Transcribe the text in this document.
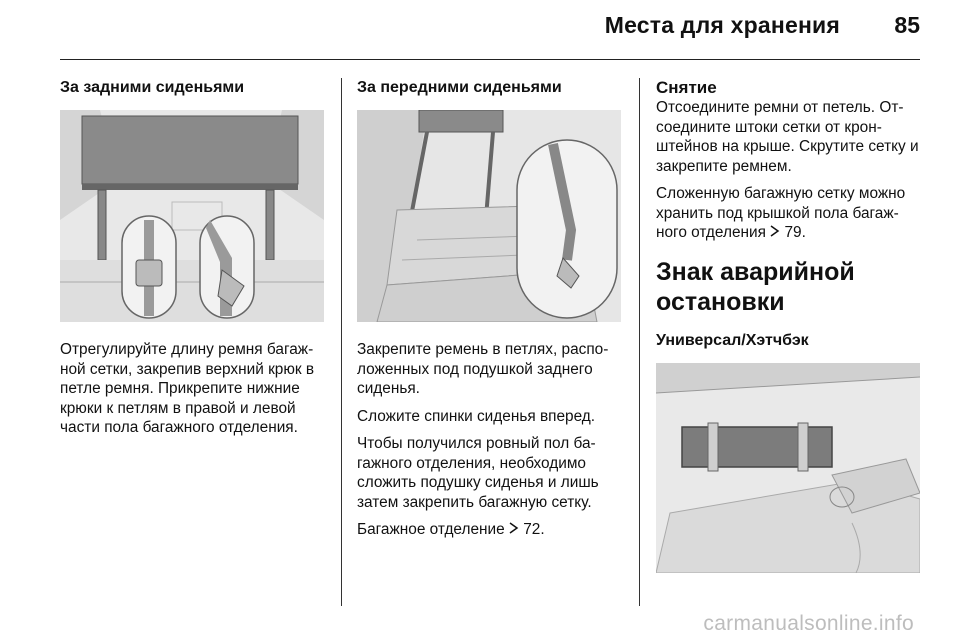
Места для хранения 85
За задними сиденьями
Отрегулируйте длину ремня багаж-ной сетки, закрепив верхний крюк в петле ремня. Прикрепите нижние крюки к петлям в правой и левой части пола багажного отделения.
За передними сиденьями
Закрепите ремень в петлях, распо-ложенных под подушкой заднего сиденья.
Сложите спинки сиденья вперед.
Чтобы получился ровный пол ба-гажного отделения, необходимо сложить подушку сиденья и лишь затем закрепить багажную сетку.
Багажное отделение 72.
Снятие
Отсоедините ремни от петель. От-соедините штоки сетки от крон-штейнов на крыше. Скрутите сетку и закрепите ремнем.
Сложенную багажную сетку можно хранить под крышкой пола багаж-ного отделения 79.
Знак аварийной остановки
Универсал/Хэтчбэк
carmanualsonline.info
